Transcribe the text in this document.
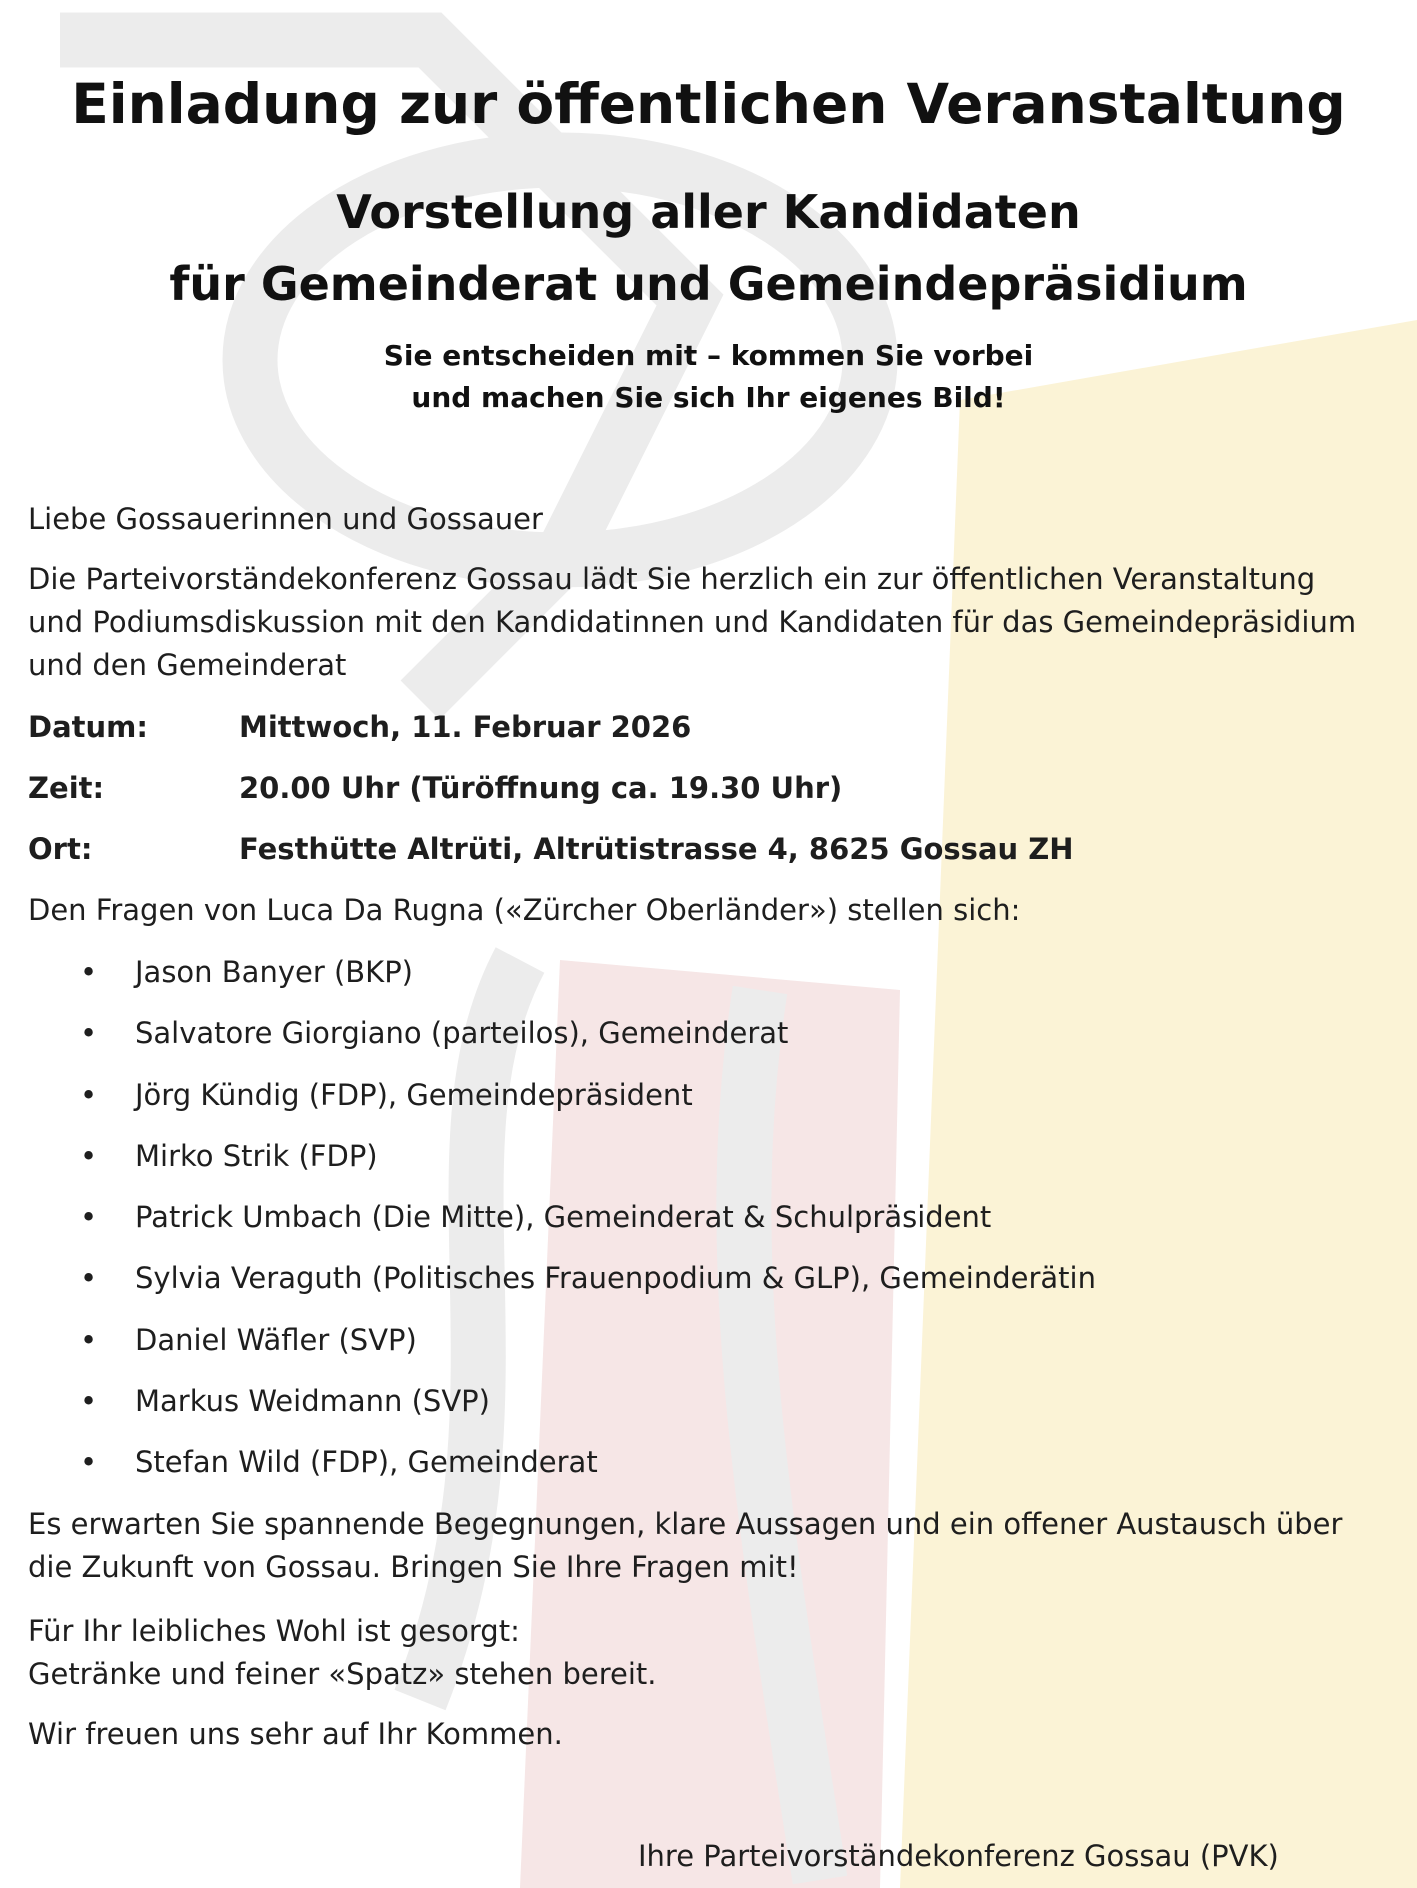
Einladung zur öffentlichen Veranstaltung
Vorstellung aller Kandidaten
für Gemeinderat und Gemeindepräsidium
Sie entscheiden mit – kommen Sie vorbei
und machen Sie sich Ihr eigenes Bild!

Liebe Gossauerinnen und Gossauer

Die Parteivorständekonferenz Gossau lädt Sie herzlich ein zur öffentlichen Veranstaltung und Podiumsdiskussion mit den Kandidatinnen und Kandidaten für das Gemeindepräsidium und den Gemeinderat

Datum:	Mittwoch, 11. Februar 2026
Zeit:	20.00 Uhr (Türöffnung ca. 19.30 Uhr)
Ort:	Festhütte Altrüti, Altrütistrasse 4, 8625 Gossau ZH

Den Fragen von Luca Da Rugna («Zürcher Oberländer») stellen sich:

• Jason Banyer (BKP)
• Salvatore Giorgiano (parteilos), Gemeinderat
• Jörg Kündig (FDP), Gemeindepräsident
• Mirko Strik (FDP)
• Patrick Umbach (Die Mitte), Gemeinderat & Schulpräsident
• Sylvia Veraguth (Politisches Frauenpodium & GLP), Gemeinderätin
• Daniel Wäfler (SVP)
• Markus Weidmann (SVP)
• Stefan Wild (FDP), Gemeinderat

Es erwarten Sie spannende Begegnungen, klare Aussagen und ein offener Austausch über die Zukunft von Gossau. Bringen Sie Ihre Fragen mit!

Für Ihr leibliches Wohl ist gesorgt:
Getränke und feiner «Spatz» stehen bereit.

Wir freuen uns sehr auf Ihr Kommen.

Ihre Parteivorständekonferenz Gossau (PVK)
